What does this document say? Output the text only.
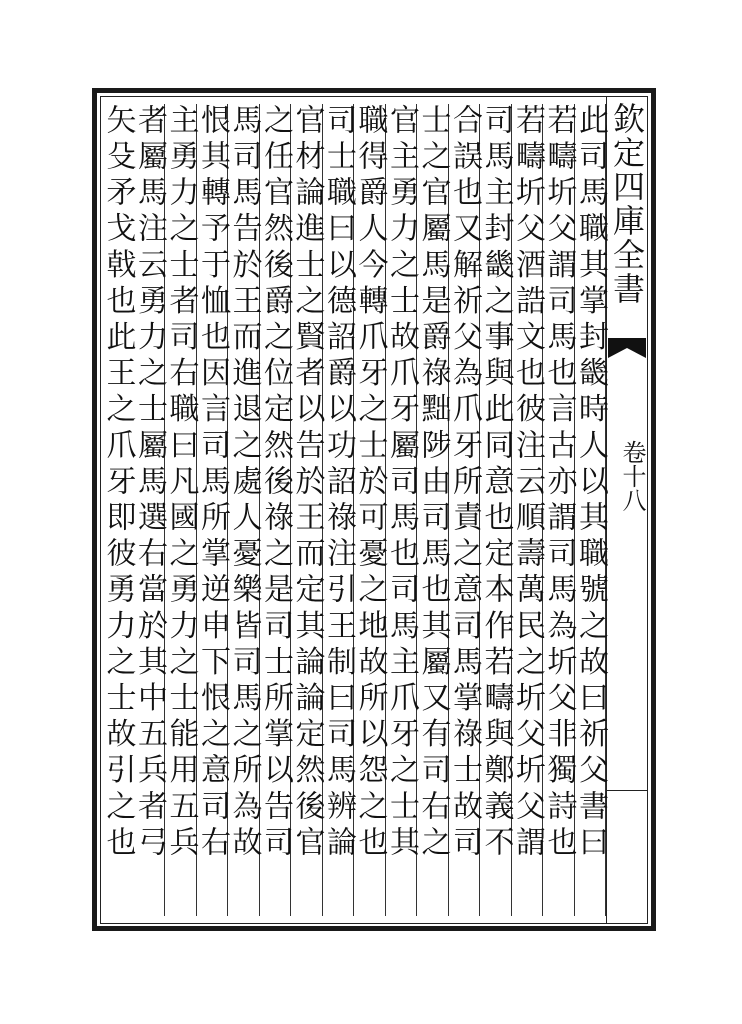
欽定四庫全書
卷十八
此司馬職其掌封畿時人以其職號之故曰祈父書曰
若疇圻父謂司馬也言古亦謂司馬為圻父非獨詩也
若疇圻父酒誥文也彼注云順壽萬民之圻父圻父謂
司馬主封畿之事與此同意也定本作若疇與鄭義不
合誤也又解祈父為爪牙所責之意司馬掌祿士故司
士之官屬馬是爵祿黜陟由司馬也其屬又有司右之
官主勇力之士故爪牙屬司馬也司馬主爪牙之士其
職得爵人今轉爪牙之士於可憂之地故所以怨之也
司士職曰以德詔爵以功詔祿注引王制曰司馬辨論
官材論進士之賢者以告於王而定其論論定然後官
之任官然後爵之位定然後祿之是司士所掌以告司
馬司馬告於王而進退之處人憂樂皆司馬之所為故
恨其轉予于恤也因言司馬所掌逆申下恨之意司右
主勇力之士者司右職曰凡國之勇力之士能用五兵
者屬馬注云勇力之士屬馬選右當於其中五兵者弓
矢殳矛戈戟也此王之爪牙即彼勇力之士故引之也
